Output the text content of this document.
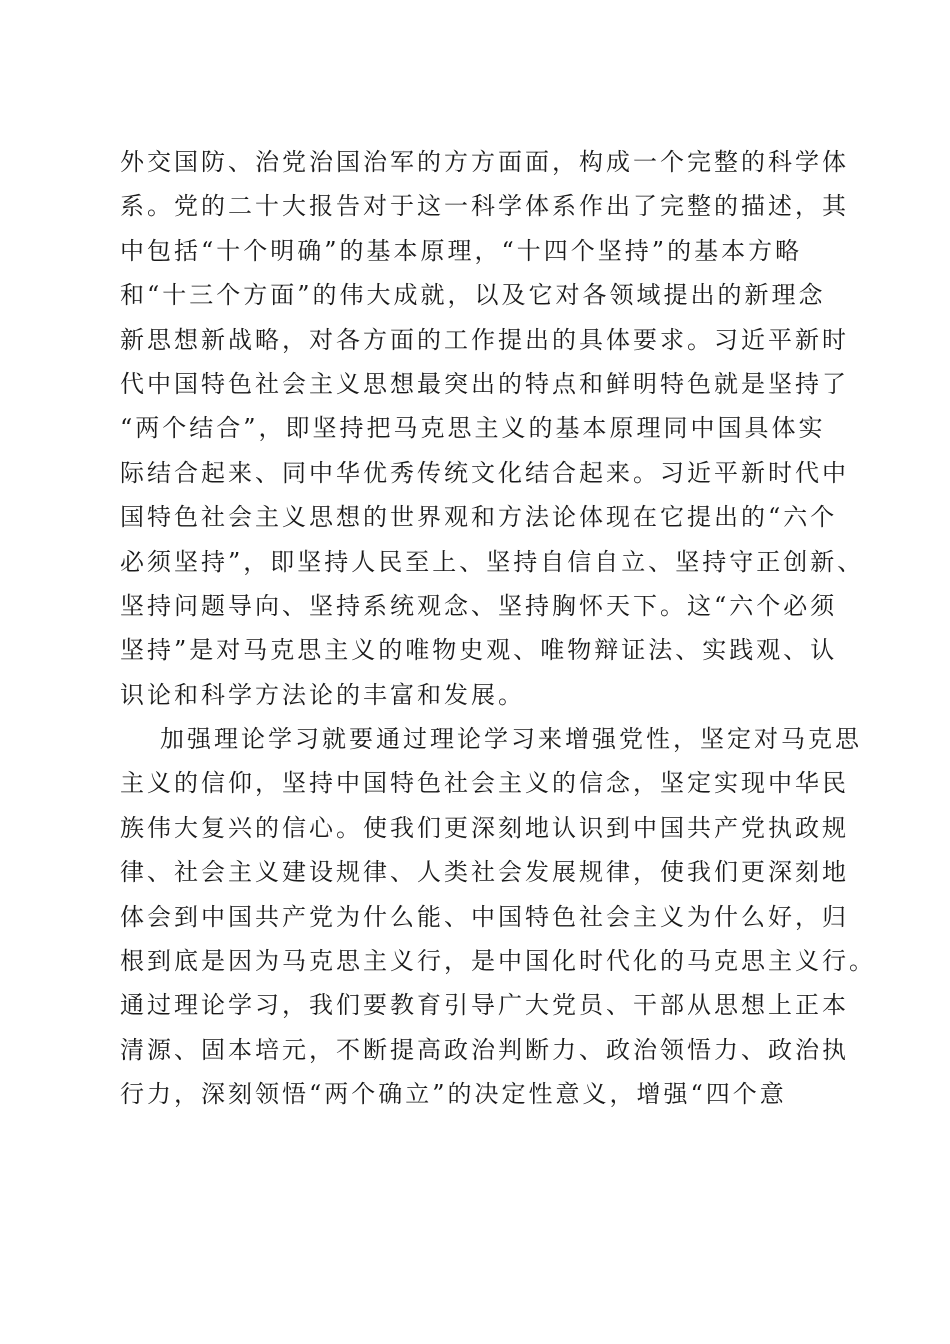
外交国防、治党治国治军的方方面面，构成一个完整的科学体
系。党的二十大报告对于这一科学体系作出了完整的描述，其
中包括“十个明确”的基本原理，“十四个坚持”的基本方略
和“十三个方面”的伟大成就，以及它对各领域提出的新理念
新思想新战略，对各方面的工作提出的具体要求。习近平新时
代中国特色社会主义思想最突出的特点和鲜明特色就是坚持了
“两个结合”，即坚持把马克思主义的基本原理同中国具体实
际结合起来、同中华优秀传统文化结合起来。习近平新时代中
国特色社会主义思想的世界观和方法论体现在它提出的“六个
必须坚持”，即坚持人民至上、坚持自信自立、坚持守正创新、
坚持问题导向、坚持系统观念、坚持胸怀天下。这“六个必须
坚持”是对马克思主义的唯物史观、唯物辩证法、实践观、认
识论和科学方法论的丰富和发展。
加强理论学习就要通过理论学习来增强党性，坚定对马克思
主义的信仰，坚持中国特色社会主义的信念，坚定实现中华民
族伟大复兴的信心。使我们更深刻地认识到中国共产党执政规
律、社会主义建设规律、人类社会发展规律，使我们更深刻地
体会到中国共产党为什么能、中国特色社会主义为什么好，归
根到底是因为马克思主义行，是中国化时代化的马克思主义行。
通过理论学习，我们要教育引导广大党员、干部从思想上正本
清源、固本培元，不断提高政治判断力、政治领悟力、政治执
行力，深刻领悟“两个确立”的决定性意义，增强“四个意
